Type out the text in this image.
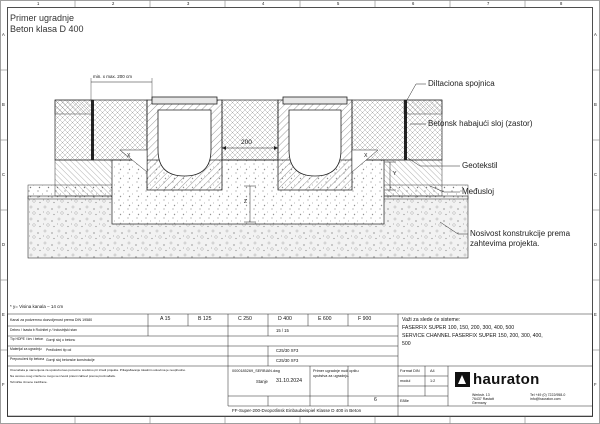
Primer ugradnje
Beton klasa D 400
1	2	3	4	5	6	7	8
A
B
C
D
E
F
A
B
C
D
E
F
min. x max. 200 cm
200
X	X
Y
Z
Diltaciona spojnica
Betonsk habajući sloj (zastor)
Geotekstil
Međusloj
Nosivost konstrukcije prema
zahtevima projekta.
* y= Visina kanala – 14 cm
Kanal za podzemnu dozvoljenost prema DIN 19580	A 15	B 125	C 250	D 400	E 600	F 900
Debeo / Isasta b Ročnitet y / Industrijski stan	15 / 15
Tip HDPE i krv i beton Gornji sloj u betonu
Materijal za ugradnju Predloženi tip od	C25/30 XF3
Preporučeni tip betona Gornji sloj betonske konstrukcije	C25/30 XF3
Ova tabela je namenjena za upotrebu kao pomoćno sredstvo pri izradi projekta. Prilagođavanje lokalnim uslovima je neophodno.
Na osnovu ovog crteža ne mogu se izvesti pravni zahtevi prema proizvođaču.
Tehničke izmene zadržane.
Važi za slede će sisteme:
FASERFIX SUPER 100, 150, 200, 300, 400, 500
SERVICE CHANNEL FASERFIX SUPER 150, 200, 300, 400,
500
Stanje 31.10.2024
0000185269_SERBIAN.dwg	Primer ugradnje nudi opštu
uputstva za ugradnju.
6
Format DIN	A4
modul	1:2
E88e
hauraton
Werkstr. 13
76437 Rastatt
Germany
Tel +49 (0) 7222/958-0
info@hauraton.com
FF-Super-200-Dvopotlinsk Einbaubeispiel Klasse D 400 in Beton
